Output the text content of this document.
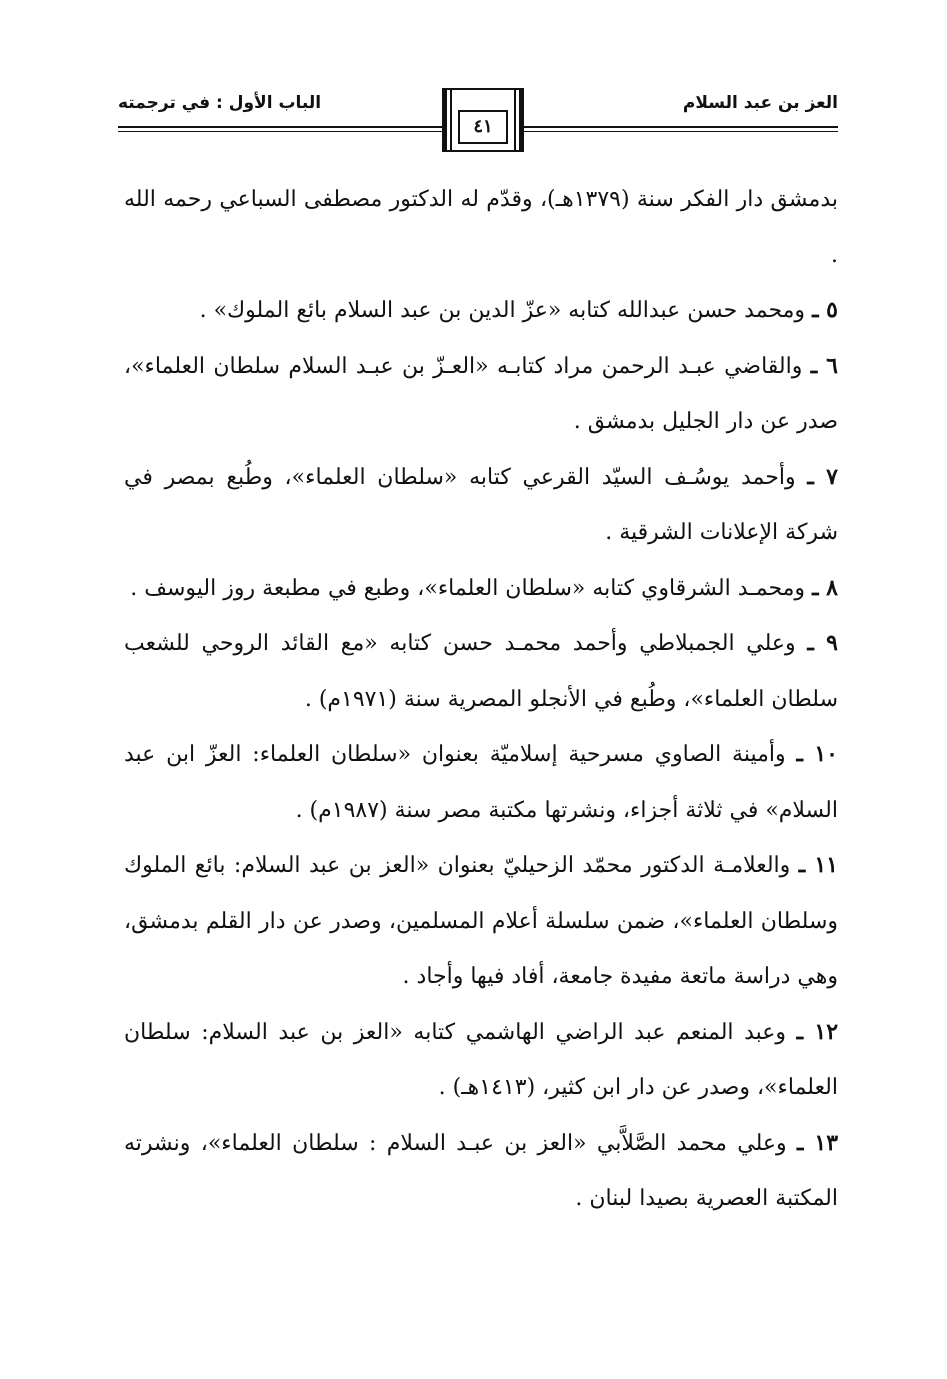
العز بن عبد السلام
الباب الأول : في ترجمته
٤١

بدمشق دار الفكر سنة (١٣٧٩هـ)، وقدّم له الدكتور مصطفى السباعي رحمه الله .

٥ ـ ومحمد حسن عبدالله كتابه «عزّ الدين بن عبد السلام بائع الملوك» .

٦ ـ والقاضي عبـد الرحمن مراد كتابـه «العـزّ بن عبـد السلام سلطان العلماء»، صدر عن دار الجليل بدمشق .

٧ ـ وأحمد يوسُـف السيّد القرعي كتابه «سلطان العلماء»، وطُبع بمصر في شركة الإعلانات الشرقية .

٨ ـ ومحمـد الشرقاوي كتابه «سلطان العلماء»، وطبع في مطبعة روز اليوسف .

٩ ـ وعلي الجمبلاطي وأحمد محمـد حسن كتابه «مع القائد الروحي للشعب سلطان العلماء»، وطُبع في الأنجلو المصرية سنة (١٩٧١م) .

١٠ ـ وأمينة الصاوي مسرحية إسلاميّة بعنوان «سلطان العلماء: العزّ ابن عبد السلام» في ثلاثة أجزاء، ونشرتها مكتبة مصر سنة (١٩٨٧م) .

١١ ـ والعلامـة الدكتور محمّد الزحيليّ بعنوان «العز بن عبد السلام: بائع الملوك وسلطان العلماء»، ضمن سلسلة أعلام المسلمين، وصدر عن دار القلم بدمشق، وهي دراسة ماتعة مفيدة جامعة، أفاد فيها وأجاد .

١٢ ـ وعبد المنعم عبد الراضي الهاشمي كتابه «العز بن عبد السلام: سلطان العلماء»، وصدر عن دار ابن كثير، (١٤١٣هـ) .

١٣ ـ وعلي محمد الصَّلاَّبي «العز بن عبـد السلام : سلطان العلماء»، ونشرته المكتبة العصرية بصيدا لبنان .
